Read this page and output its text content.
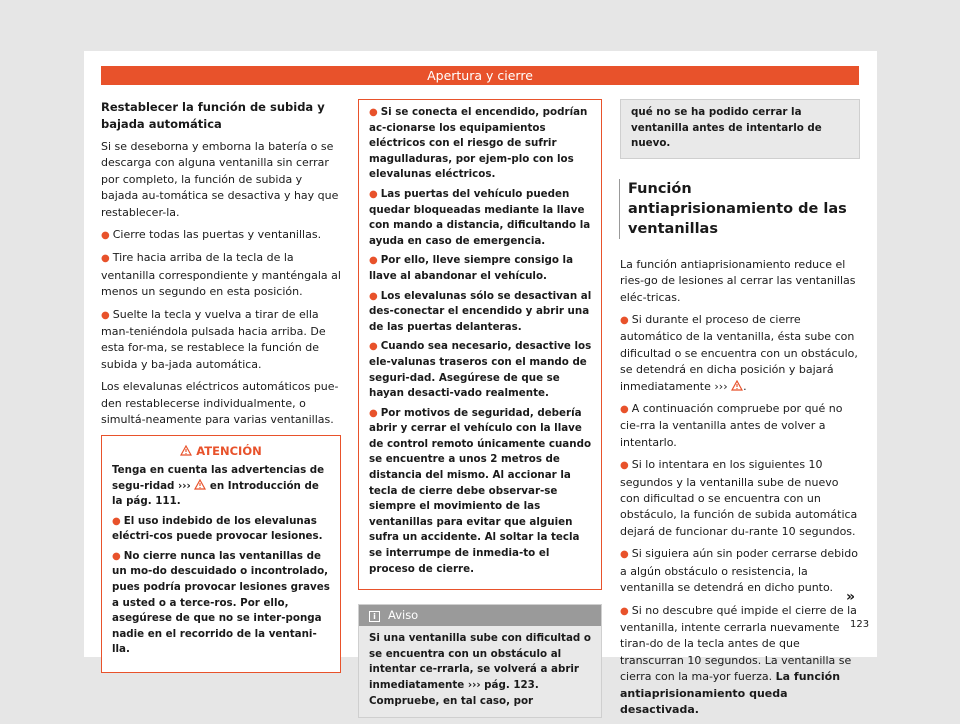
Apertura y cierre

Restablecer la función de subida y bajada automática

Si se deseborna y emborna la batería o se descarga con alguna ventanilla sin cerrar por completo, la función de subida y bajada au-tomática se desactiva y hay que restablecer-la.

● Cierre todas las puertas y ventanillas.

● Tire hacia arriba de la tecla de la ventanilla correspondiente y manténgala al menos un segundo en esta posición.

● Suelte la tecla y vuelva a tirar de ella man-teniéndola pulsada hacia arriba. De esta for-ma, se restablece la función de subida y ba-jada automática.

Los elevalunas eléctricos automáticos pue-den restablecerse individualmente, o simultá-neamente para varias ventanillas.

ATENCIÓN

Tenga en cuenta las advertencias de segu-ridad ››› en Introducción de la pág. 111.

● El uso indebido de los elevalunas eléctri-cos puede provocar lesiones.

● No cierre nunca las ventanillas de un mo-do descuidado o incontrolado, pues podría provocar lesiones graves a usted o a terce-ros. Por ello, asegúrese de que no se inter-ponga nadie en el recorrido de la ventani-lla.

● Si se conecta el encendido, podrían ac-cionarse los equipamientos eléctricos con el riesgo de sufrir magulladuras, por ejem-plo con los elevalunas eléctricos.

● Las puertas del vehículo pueden quedar bloqueadas mediante la llave con mando a distancia, dificultando la ayuda en caso de emergencia.

● Por ello, lleve siempre consigo la llave al abandonar el vehículo.

● Los elevalunas sólo se desactivan al des-conectar el encendido y abrir una de las puertas delanteras.

● Cuando sea necesario, desactive los ele-valunas traseros con el mando de seguri-dad. Asegúrese de que se hayan desacti-vado realmente.

● Por motivos de seguridad, debería abrir y cerrar el vehículo con la llave de control remoto únicamente cuando se encuentre a unos 2 metros de distancia del mismo. Al accionar la tecla de cierre debe observar-se siempre el movimiento de las ventanillas para evitar que alguien sufra un accidente. Al soltar la tecla se interrumpe de inmedia-to el proceso de cierre.

i Aviso
Si una ventanilla sube con dificultad o se encuentra con un obstáculo al intentar ce-rrarla, se volverá a abrir inmediatamente ››› pág. 123. Compruebe, en tal caso, por
qué no se ha podido cerrar la ventanilla antes de intentarlo de nuevo.
Función antiaprisionamiento de las ventanillas

La función antiaprisionamiento reduce el ries-go de lesiones al cerrar las ventanillas eléc-tricas.

● Si durante el proceso de cierre automático de la ventanilla, ésta sube con dificultad o se encuentra con un obstáculo, se detendrá en dicha posición y bajará inmediatamente ››› .

● A continuación compruebe por qué no cie-rra la ventanilla antes de volver a intentarlo.

● Si lo intentara en los siguientes 10 segundos y la ventanilla sube de nuevo con dificultad o se encuentra con un obstáculo, la función de subida automática dejará de funcionar du-rante 10 segundos.

● Si siguiera aún sin poder cerrarse debido a algún obstáculo o resistencia, la ventanilla se detendrá en dicho punto.

● Si no descubre qué impide el cierre de la ventanilla, intente cerrarla nuevamente tiran-do de la tecla antes de que transcurran 10 segundos. La ventanilla se cierra con la ma-yor fuerza. La función antiaprisionamiento queda desactivada.

»
123
